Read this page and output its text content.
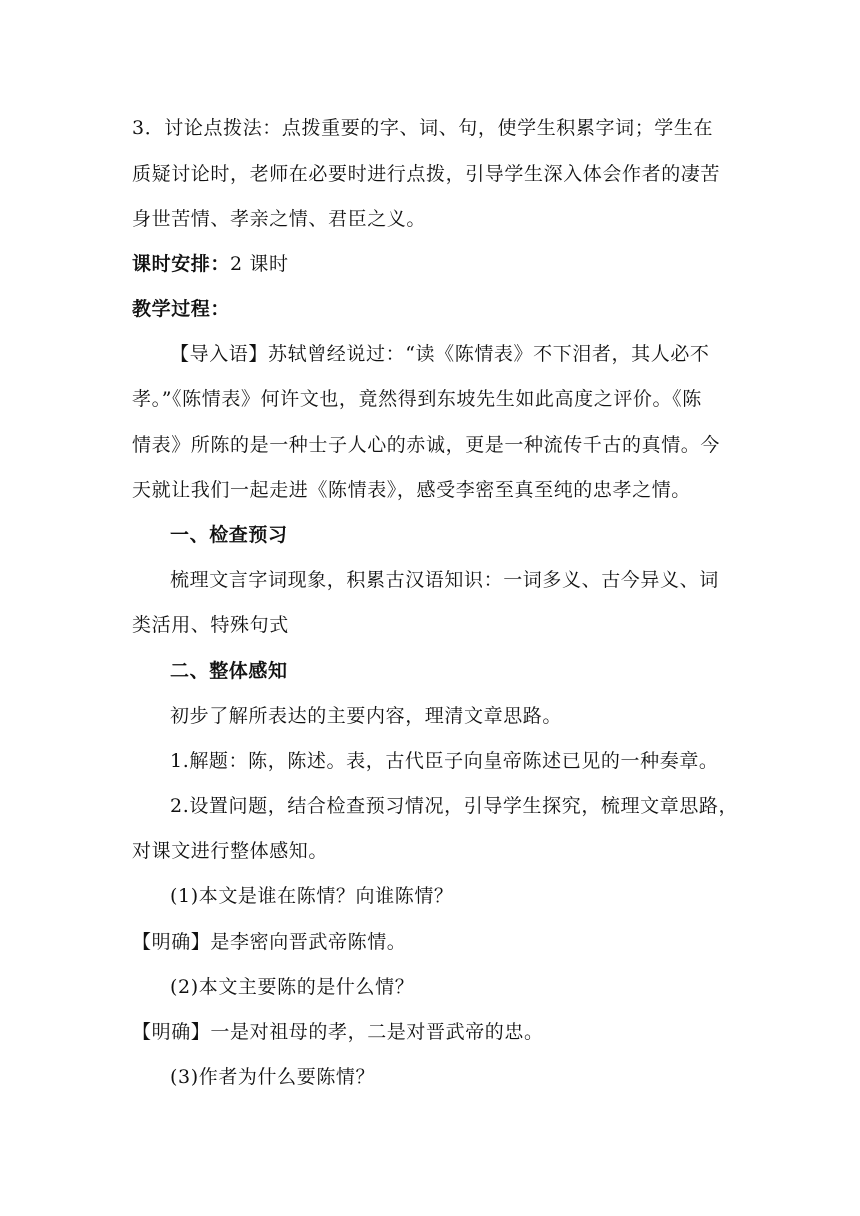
3．讨论点拨法：点拨重要的字、词、句，使学生积累字词；学生在
质疑讨论时，老师在必要时进行点拨，引导学生深入体会作者的凄苦
身世苦情、孝亲之情、君臣之义。
课时安排：2 课时
教学过程：
【导入语】苏轼曾经说过：“读《陈情表》不下泪者，其人必不
孝。”《陈情表》何许文也，竟然得到东坡先生如此高度之评价。《陈
情表》所陈的是一种士子人心的赤诚，更是一种流传千古的真情。今
天就让我们一起走进《陈情表》，感受李密至真至纯的忠孝之情。
一、检查预习
梳理文言字词现象，积累古汉语知识：一词多义、古今异义、词
类活用、特殊句式
二、整体感知
初步了解所表达的主要内容，理清文章思路。
1.解题：陈，陈述。表，古代臣子向皇帝陈述已见的一种奏章。
2.设置问题，结合检查预习情况，引导学生探究，梳理文章思路，
对课文进行整体感知。
(1)本文是谁在陈情？向谁陈情？
【明确】是李密向晋武帝陈情。
(2)本文主要陈的是什么情？
【明确】一是对祖母的孝，二是对晋武帝的忠。
(3)作者为什么要陈情？
